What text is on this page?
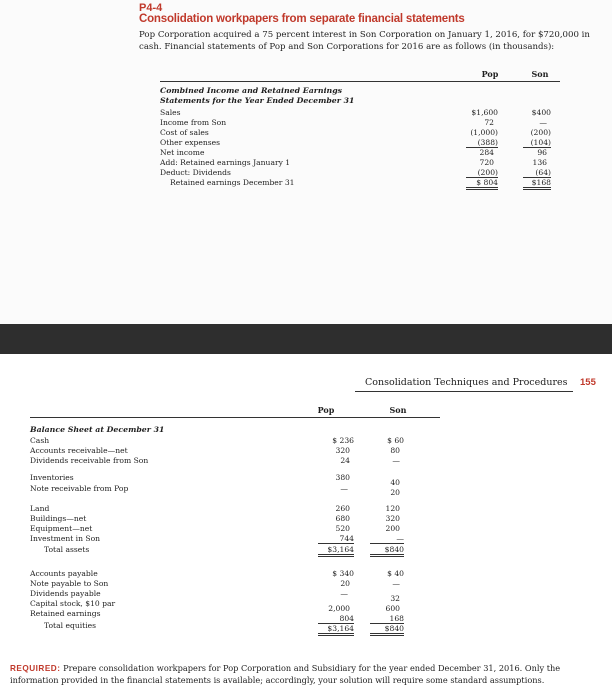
P4-4
Consolidation workpapers from separate financial statements
Pop Corporation acquired a 75 percent interest in Son Corporation on January 1, 2016, for $720,000 in cash. Financial statements of Pop and Son Corporations for 2016 are as follows (in thousands):
Pop	Son
Combined Income and Retained Earnings
Statements for the Year Ended December 31
Sales
Income from Son
Cost of sales
Other expenses
Net income
Add: Retained earnings January 1
Deduct: Dividends
Retained earnings December 31
$1,600
72
(1,000)
(388)
284
720
(200)
$ 804
$400
—
(200)
(104)
96
136
(64)
$168
Consolidation Techniques and Procedures 155
Pop	Son
Balance Sheet at December 31
Cash
Accounts receivable—net
Dividends receivable from Son
Inventories
Note receivable from Pop
Land
Buildings—net
Equipment—net
Investment in Son
Total assets
Accounts payable
Note payable to Son
Dividends payable
Capital stock, $10 par
Retained earnings
Total equities
$ 236
320
24
380
—
260
680
520
744
$3,164
$ 340
20
—
2,000
804
$3,164
$ 60
80
—
40
20
120
320
200
—
$840
$ 40
—
32
600
168
$840
REQUIRED: Prepare consolidation workpapers for Pop Corporation and Subsidiary for the year ended December 31, 2016. Only the information provided in the financial statements is available; accordingly, your solution will require some standard assumptions.
